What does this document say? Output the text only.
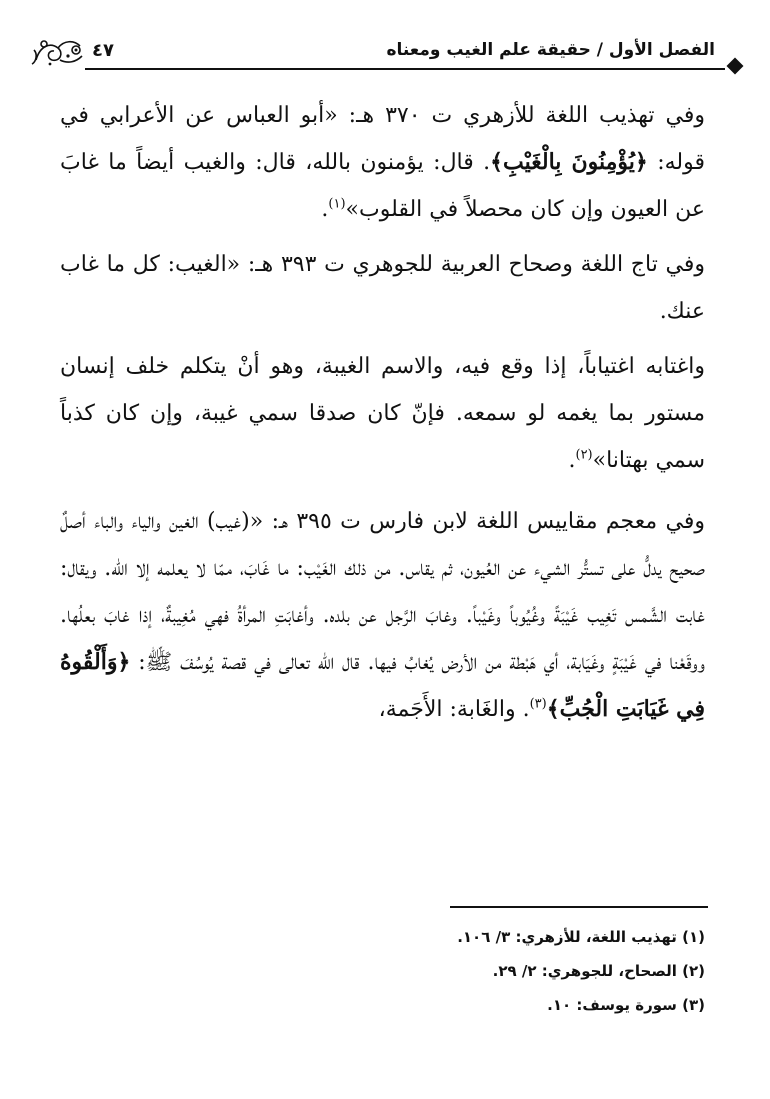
الفصل الأول / حقيقة علم الغيب ومعناه
٤٧

وفي تهذيب اللغة للأزهري ت ٣٧٠ هـ: «أبو العباس عن الأعرابي في قوله: ﴿يُؤْمِنُونَ بِالْغَيْبِ﴾. قال: يؤمنون بالله، قال: والغيب أيضاً ما غابَ عن العيون وإن كان محصلاً في القلوب»$^{(١)}$.

وفي تاج اللغة وصحاح العربية للجوهري ت ٣٩٣ هـ: «الغيب: كل ما غاب عنك.

واغتابه اغتياباً، إذا وقع فيه، والاسم الغيبة، وهو أنْ يتكلم خلف إنسان مستور بما يغمه لو سمعه. فإنّ كان صدقا سمي غيبة، وإن كان كذباً سمي بهتانا»$^{(٢)}$.

وفي معجم مقاييس اللغة لابن فارس ت ٣٩٥ هـ: «(غيب) الغين والياء والباء أصلٌ صحيح يدلُّ على تستُّر الشيء عن العُيون، ثم يقاس. من ذلك الغَيْب: ما غَابَ، ممّا لا يعلمه إلا الله. ويقال: غابت الشَّمس تَغِيب غَيْبَةً وغُيُوباً وغَيْباً. وغابَ الرَّجل عن بلده. وأغابَتِ المرأةُ فهي مُغِيبةٌ، إذا غابَ بعلُها. ووقَعْنا في غَيْبَةٍ وغَيَابة، أي هَبْطة من الأرض يُغابُ فيها. قال الله تعالى في قصة يُوسُفَ ﷺ: ﴿وَأَلْقُوهُ فِي غَيَابَتِ الْجُبِّ﴾$^{(٣)}$. والغَابة: الأَجَمة،

(١) تهذيب اللغة، للأزهري: ٣/ ١٠٦.

(٢) الصحاح، للجوهري: ٢/ ٢٩.

(٣) سورة يوسف: ١٠.
